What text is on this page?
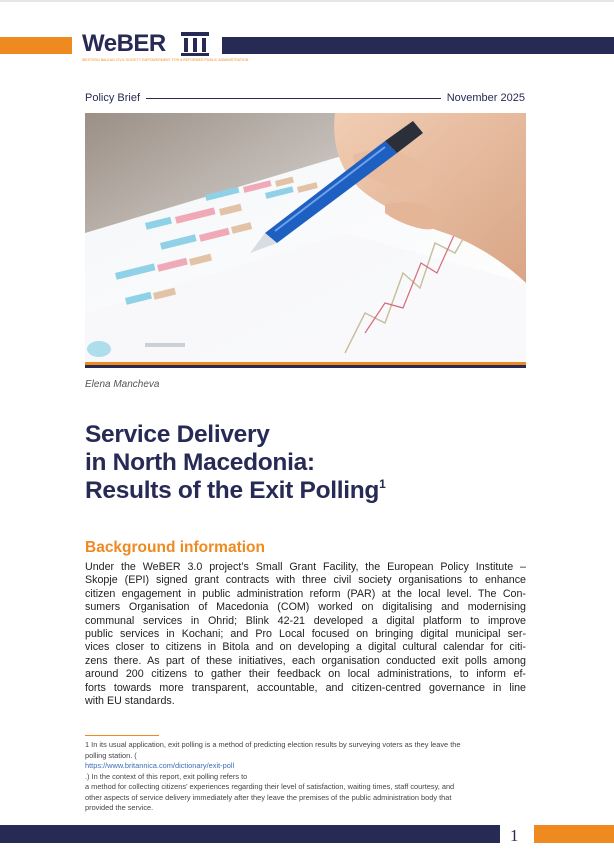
WeBER
WESTERN BALKAN CIVIL SOCIETY EMPOWERMENT FOR A REFORMED PUBLIC ADMINISTRATION
Policy Brief	November 2025
Elena Mancheva
Service Delivery
in North Macedonia:
Results of the Exit Polling$^1$
Background information
Under the WeBER 3.0 project’s Small Grant Facility, the European Policy Institute –
Skopje (EPI) signed grant contracts with three civil society organisations to enhance
citizen engagement in public administration reform (PAR) at the local level. The Con-
sumers Organisation of Macedonia (COM) worked on digitalising and modernising
communal services in Ohrid; Blink 42-21 developed a digital platform to improve
public services in Kochani; and Pro Local focused on bringing digital municipal ser-
vices closer to citizens in Bitola and on developing a digital cultural calendar for citi-
zens there. As part of these initiatives, each organisation conducted exit polls among
around 200 citizens to gather their feedback on local administrations, to inform ef-
forts towards more transparent, accountable, and citizen-centred governance in line
with EU standards.
1 In its usual application, exit polling is a method of predicting election results by surveying voters as they leave the
polling station. (
https://www.britannica.com/dictionary/exit-poll
.) In the context of this report, exit polling refers to
a method for collecting citizens’ experiences regarding their level of satisfaction, waiting times, staff courtesy, and
other aspects of service delivery immediately after they leave the premises of the public administration body that
provided the service.
1
